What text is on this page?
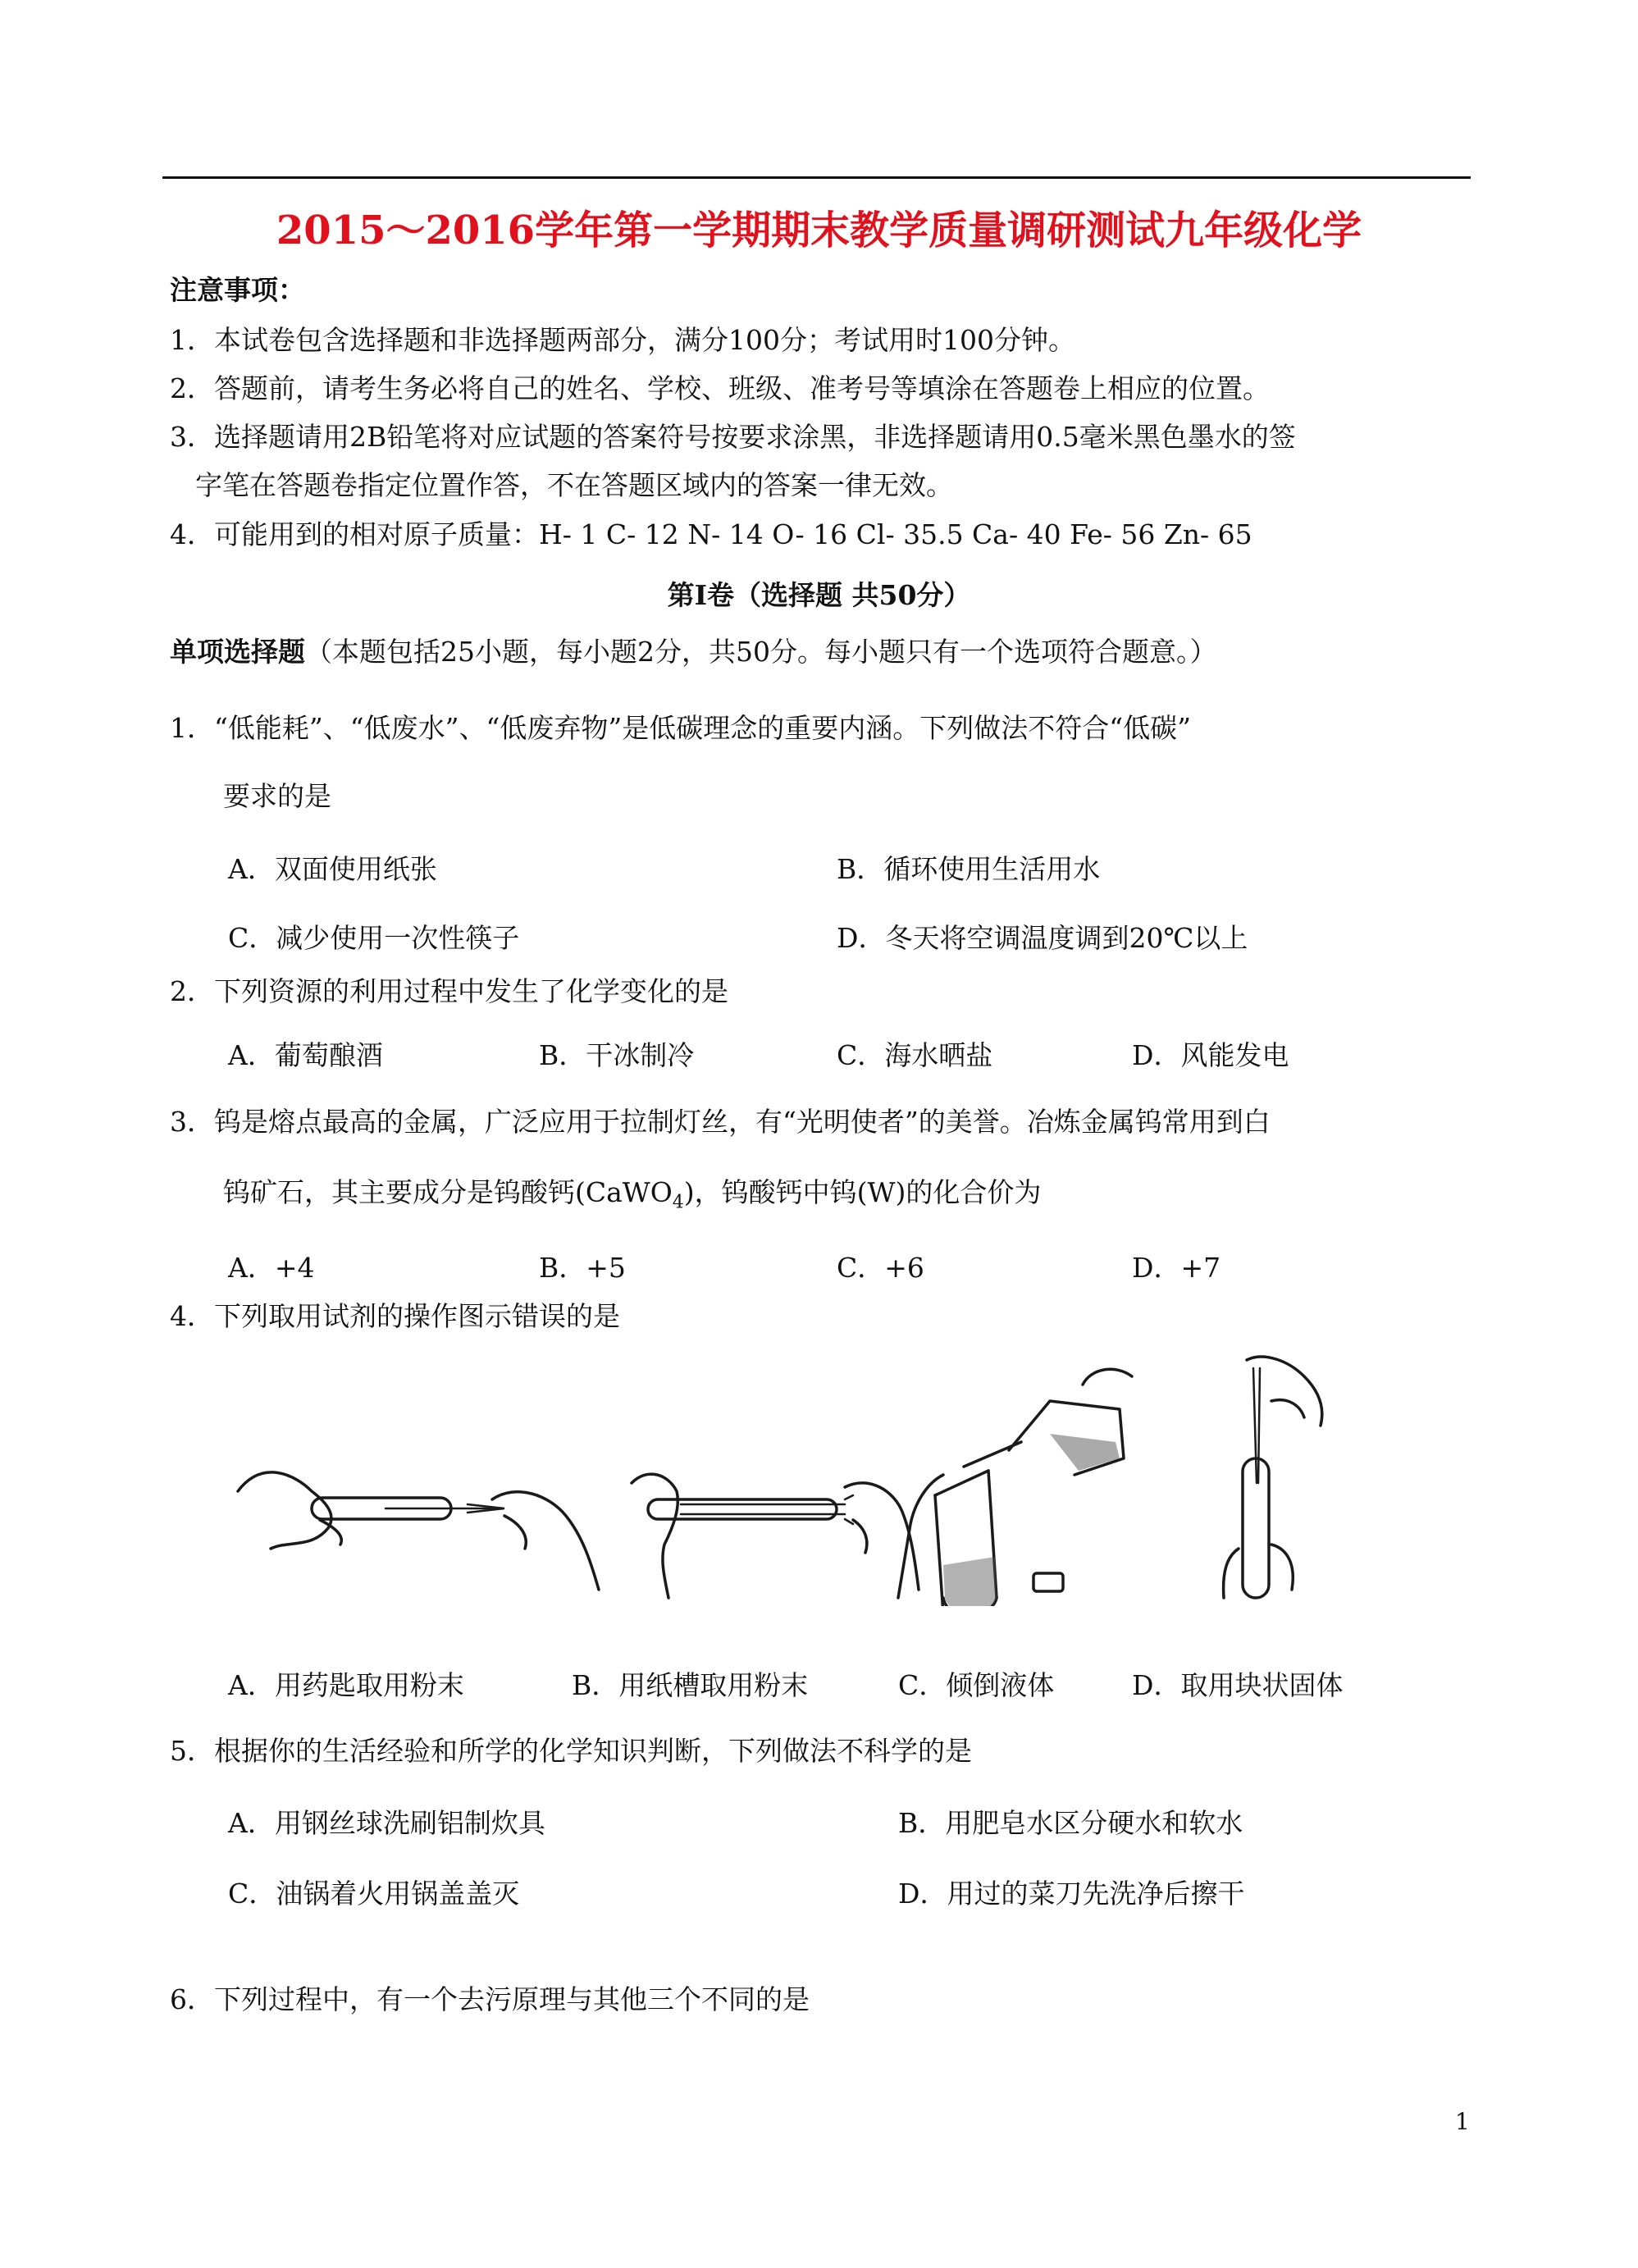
2015～2016学年第一学期期末教学质量调研测试九年级化学
注意事项：
1．本试卷包含选择题和非选择题两部分，满分100分；考试用时100分钟。
2．答题前，请考生务必将自己的姓名、学校、班级、准考号等填涂在答题卷上相应的位置。
3．选择题请用2B铅笔将对应试题的答案符号按要求涂黑，非选择题请用0.5毫米黑色墨水的签
字笔在答题卷指定位置作答，不在答题区域内的答案一律无效。
4．可能用到的相对原子质量：H- 1 C- 12 N- 14 O- 16 Cl- 35.5 Ca- 40 Fe- 56 Zn- 65
第Ⅰ卷（选择题 共50分）
单项选择题（本题包括25小题，每小题2分，共50分。每小题只有一个选项符合题意。）
1．“低能耗”、“低废水”、“低废弃物”是低碳理念的重要内涵。下列做法不符合“低碳”
要求的是
A．双面使用纸张	B．循环使用生活用水
C．减少使用一次性筷子	D．冬天将空调温度调到20℃以上
2．下列资源的利用过程中发生了化学变化的是
A．葡萄酿酒	B．干冰制冷	C．海水晒盐	D．风能发电
3．钨是熔点最高的金属，广泛应用于拉制灯丝，有“光明使者”的美誉。冶炼金属钨常用到白
钨矿石，其主要成分是钨酸钙(CaWO$_4$)，钨酸钙中钨(W)的化合价为
A．+4	B．+5	C．+6	D．+7
4．下列取用试剂的操作图示错误的是
A．用药匙取用粉末	B．用纸槽取用粉末	C．倾倒液体	D．取用块状固体
5．根据你的生活经验和所学的化学知识判断，下列做法不科学的是
A．用钢丝球洗刷铝制炊具	B．用肥皂水区分硬水和软水
C．油锅着火用锅盖盖灭	D．用过的菜刀先洗净后擦干
6．下列过程中，有一个去污原理与其他三个不同的是
1
